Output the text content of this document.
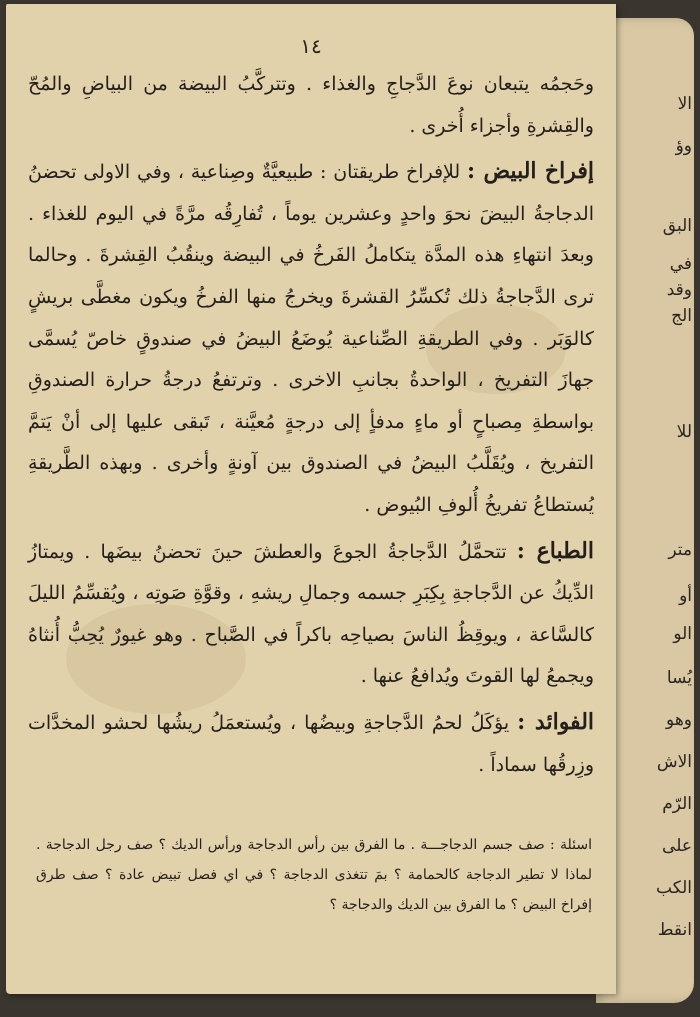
الا
وؤ
البق
في
وقد
الج
للا
متر
أو
الو
يُسا
وهو
الاش
الرّم
على
الكب
انقط
١٤

وحَجمُه يتبعان نوعَ الدَّجاجِ والغذاء . وتتركَّبُ البيضة من البياضِ والمُحّ والقِشرةِ وأجزاء أُخرى .

إفراخ البيض : للإفراخ طريقتان : طبيعيَّةٌ وصِناعية ، وفي الاولى تحضنُ الدجاجةُ البيضَ نحوَ واحدٍ وعشرين يوماً ، تُفارِقُه مرَّةً في اليوم للغذاء . وبعدَ انتهاءِ هذه المدَّة يتكاملُ الفَرخُ في البيضة وينقُبُ القِشرةَ . وحالما ترى الدَّجاجةُ ذلك تُكسِّرُ القشرةَ ويخرجُ منها الفرخُ ويكون مغطَّى بريشٍ كالوَبَر . وفي الطريقةِ الصِّناعية يُوضَعُ البيضُ في صندوقٍ خاصّ يُسمَّى جهازَ التفريخ ، الواحدةُ بجانبِ الاخرى . وترتفعُ درجةُ حرارة الصندوقِ بواسطةِ مِصباحٍ أو ماءٍ مدفأٍ إلى درجةٍ مُعيَّنة ، تَبقى عليها إلى أنْ يَتمَّ التفريخ ، ويُقَلَّبُ البيضُ في الصندوق بين آونةٍ وأخرى . وبهذه الطَّريقةِ يُستطاعُ تفريخُ أُلوفِ البُيوض .

الطباع : تتحمَّلُ الدَّجاجةُ الجوعَ والعطشَ حينَ تحضنُ بيضَها . ويمتازُ الدِّيكُ عن الدَّجاجةِ بِكِبَرِ جسمه وجمالِ ريشهِ ، وقوَّةِ صَوتِه ، ويُقسِّمُ الليلَ كالسَّاعة ، ويوقِظُ الناسَ بصياحِه باكراً في الصَّباح . وهو غيورٌ يُحِبُّ أُنثاهُ ويجمعُ لها القوتَ ويُدافعُ عنها .

الفوائد : يؤكَلُ لحمُ الدَّجاجةِ وبيضُها ، ويُستعمَلُ ريشُها لحشو المخدَّات وزِرقُها سماداً .

اسئلة : صف جسم الدجاجـــة . ما الفرق بين رأس الدجاجة ورأس الديك ؟ صف رجل الدجاجة . لماذا لا تطير الدجاجة كالحمامة ؟ بمَ تتغذى الدجاجة ؟ في اي فصل تبيض عادة ؟ صف طرق إفراخ البيض ؟ ما الفرق بين الديك والدجاجة ؟
